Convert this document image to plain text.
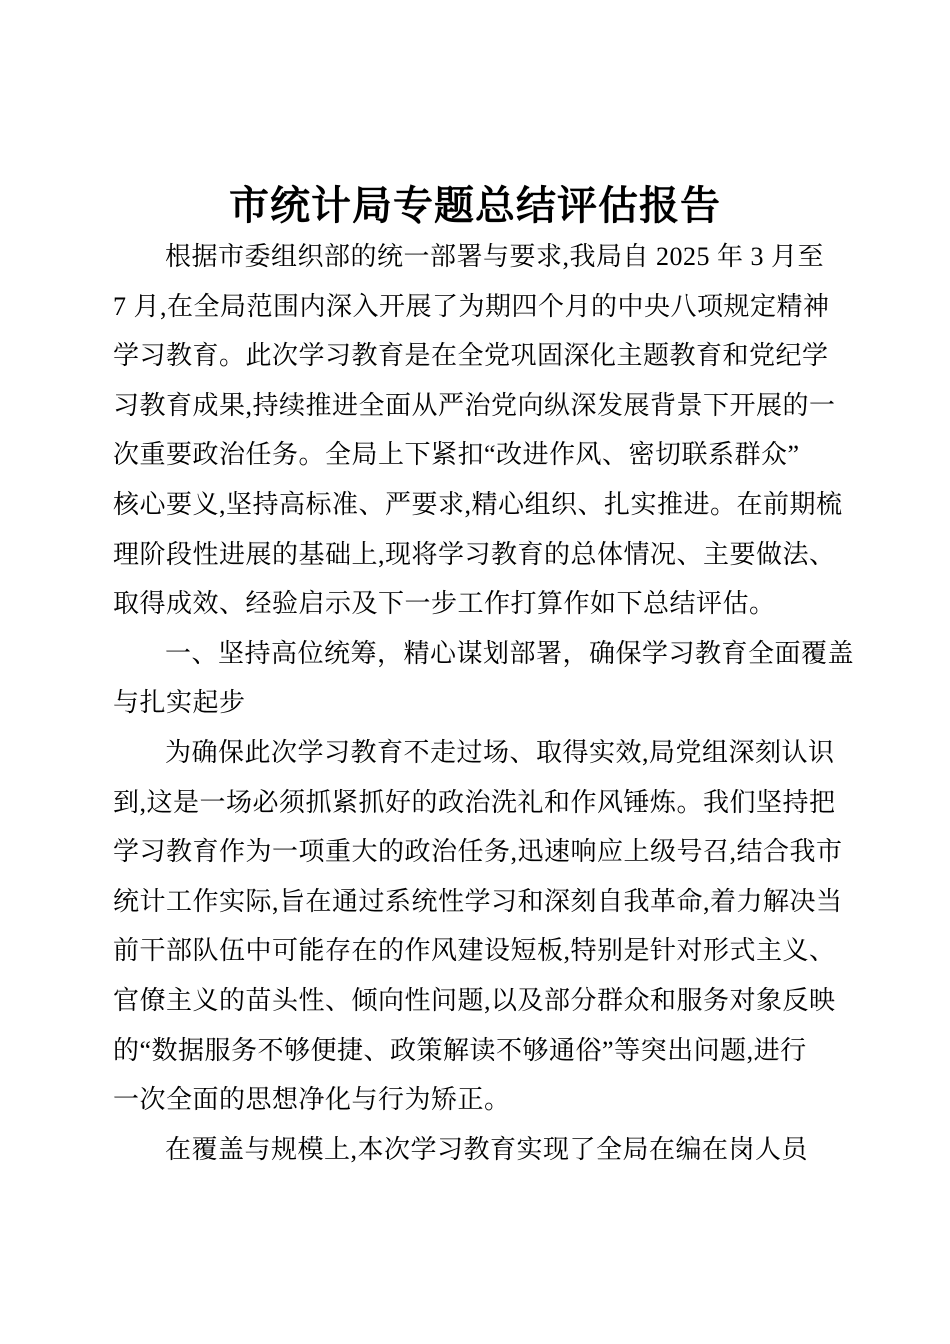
市统计局专题总结评估报告
根据市委组织部的统一部署与要求,我局自 2025 年 3 月至
7 月,在全局范围内深入开展了为期四个月的中央八项规定精神
学习教育。此次学习教育是在全党巩固深化主题教育和党纪学
习教育成果,持续推进全面从严治党向纵深发展背景下开展的一
次重要政治任务。全局上下紧扣“改进作风、密切联系群众”
核心要义,坚持高标准、严要求,精心组织、扎实推进。在前期梳
理阶段性进展的基础上,现将学习教育的总体情况、主要做法、
取得成效、经验启示及下一步工作打算作如下总结评估。
一、坚持高位统筹，精心谋划部署，确保学习教育全面覆盖
与扎实起步
为确保此次学习教育不走过场、取得实效,局党组深刻认识
到,这是一场必须抓紧抓好的政治洗礼和作风锤炼。我们坚持把
学习教育作为一项重大的政治任务,迅速响应上级号召,结合我市
统计工作实际,旨在通过系统性学习和深刻自我革命,着力解决当
前干部队伍中可能存在的作风建设短板,特别是针对形式主义、
官僚主义的苗头性、倾向性问题,以及部分群众和服务对象反映
的“数据服务不够便捷、政策解读不够通俗”等突出问题,进行
一次全面的思想净化与行为矫正。
在覆盖与规模上,本次学习教育实现了全局在编在岗人员
